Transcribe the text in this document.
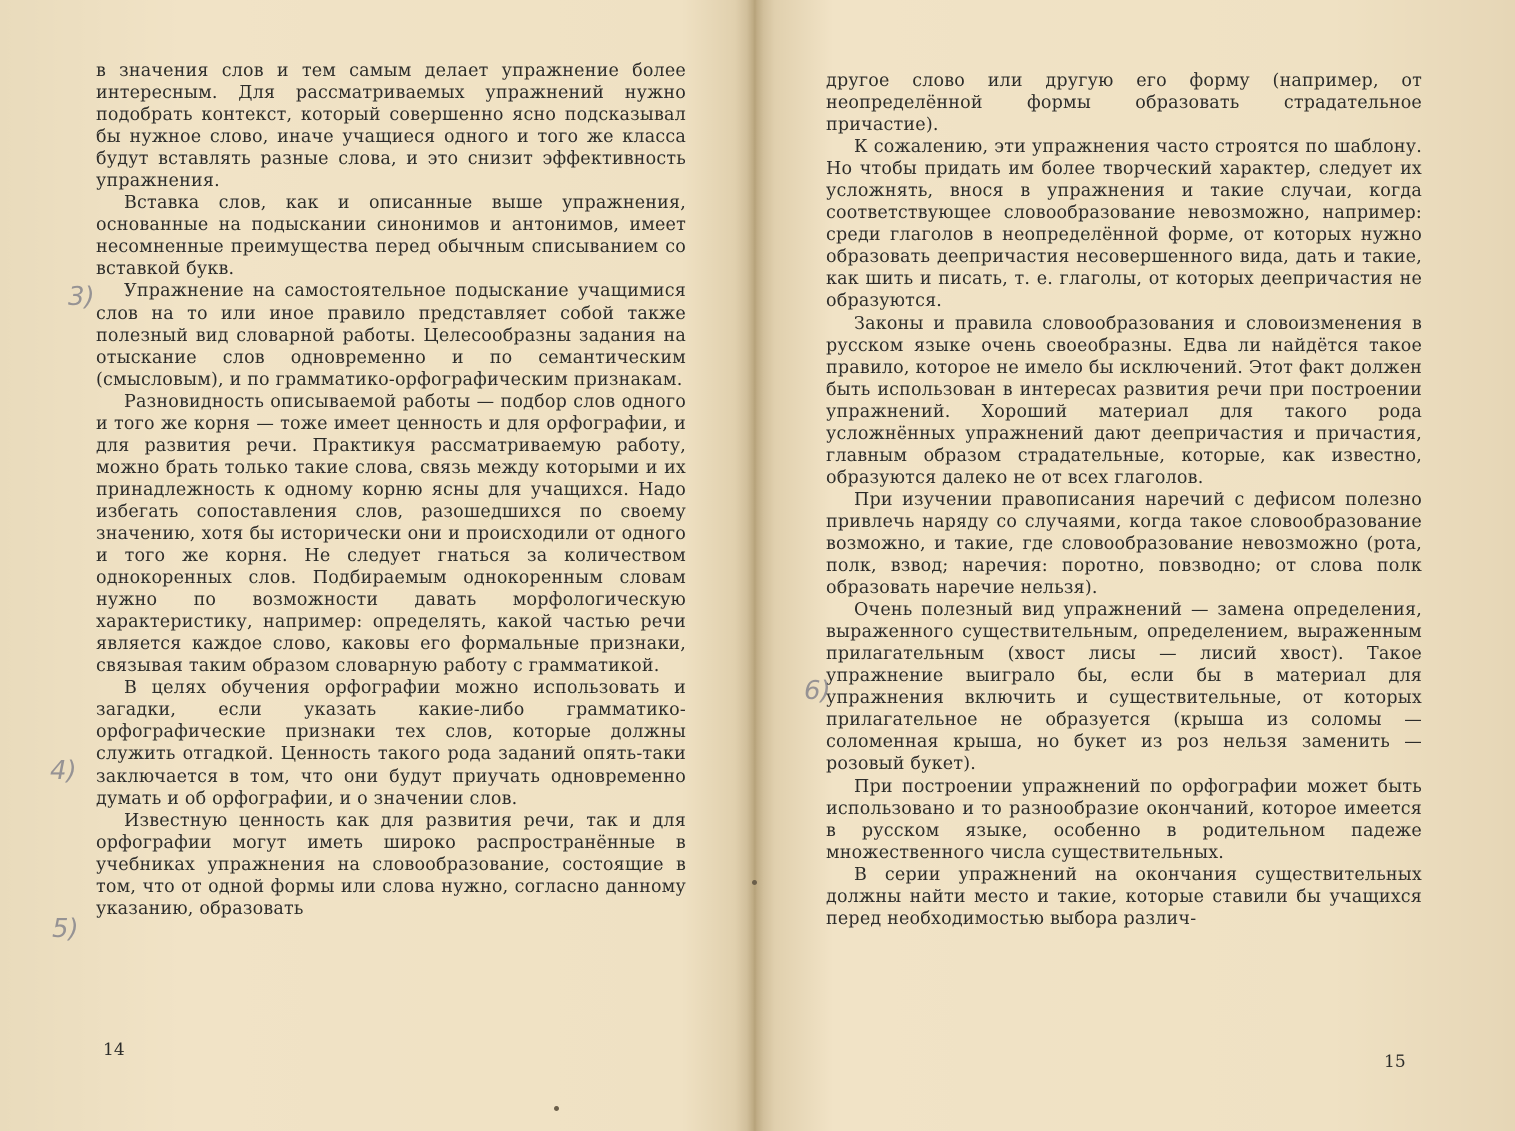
в значения слов и тем самым делает упражнение более интересным. Для рассматриваемых упражнений нужно подобрать контекст, который совершенно ясно подсказывал бы нужное слово, иначе учащиеся одного и того же класса будут вставлять разные слова, и это снизит эффективность упражнения.

Вставка слов, как и описанные выше упражнения, основанные на подыскании синонимов и антонимов, имеет несомненные преимущества перед обычным списыванием со вставкой букв.

Упражнение на самостоятельное подыскание учащимися слов на то или иное правило представляет собой также полезный вид словарной работы. Целесообразны задания на отыскание слов одновременно и по семантическим (смысловым), и по грамматико-орфографическим признакам.

Разновидность описываемой работы — подбор слов одного и того же корня — тоже имеет ценность и для орфографии, и для развития речи. Практикуя рассматриваемую работу, можно брать только такие слова, связь между которыми и их принадлежность к одному корню ясны для учащихся. Надо избегать сопоставления слов, разошедшихся по своему значению, хотя бы исторически они и происходили от одного и того же корня. Не следует гнаться за количеством однокоренных слов. Подбираемым однокоренным словам нужно по возможности давать морфологическую характеристику, например: определять, какой частью речи является каждое слово, каковы его формальные признаки, связывая таким образом словарную работу с грамматикой.

В целях обучения орфографии можно использовать и загадки, если указать какие-либо грамматико-орфографические признаки тех слов, которые должны служить отгадкой. Ценность такого рода заданий опять-таки заключается в том, что они будут приучать одновременно думать и об орфографии, и о значении слов.

Известную ценность как для развития речи, так и для орфографии могут иметь широко распространённые в учебниках упражнения на словообразование, состоящие в том, что от одной формы или слова нужно, согласно данному указанию, образовать

14
15

другое слово или другую его форму (например, от неопределённой формы образовать страдательное причастие).

К сожалению, эти упражнения часто строятся по шаблону. Но чтобы придать им более творческий характер, следует их усложнять, внося в упражнения и такие случаи, когда соответствующее словообразование невозможно, например: среди глаголов в неопределённой форме, от которых нужно образовать деепричастия несовершенного вида, дать и такие, как шить и писать, т. е. глаголы, от которых деепричастия не образуются.

Законы и правила словообразования и словоизменения в русском языке очень своеобразны. Едва ли найдётся такое правило, которое не имело бы исключений. Этот факт должен быть использован в интересах развития речи при построении упражнений. Хороший материал для такого рода усложнённых упражнений дают деепричастия и причастия, главным образом страдательные, которые, как известно, образуются далеко не от всех глаголов.

При изучении правописания наречий с дефисом полезно привлечь наряду со случаями, когда такое словообразование возможно, и такие, где словообразование невозможно (рота, полк, взвод; наречия: поротно, повзводно; от слова полк образовать наречие нельзя).

Очень полезный вид упражнений — замена определения, выраженного существительным, определением, выраженным прилагательным (хвост лисы — лисий хвост). Такое упражнение выиграло бы, если бы в материал для упражнения включить и существительные, от которых прилагательное не образуется (крыша из соломы — соломенная крыша, но букет из роз нельзя заменить — розовый букет).

При построении упражнений по орфографии может быть использовано и то разнообразие окончаний, которое имеется в русском языке, особенно в родительном падеже множественного числа существительных.

В серии упражнений на окончания существительных должны найти место и такие, которые ставили бы учащихся перед необходимостью выбора различ-

3)
4)
5)
6)
